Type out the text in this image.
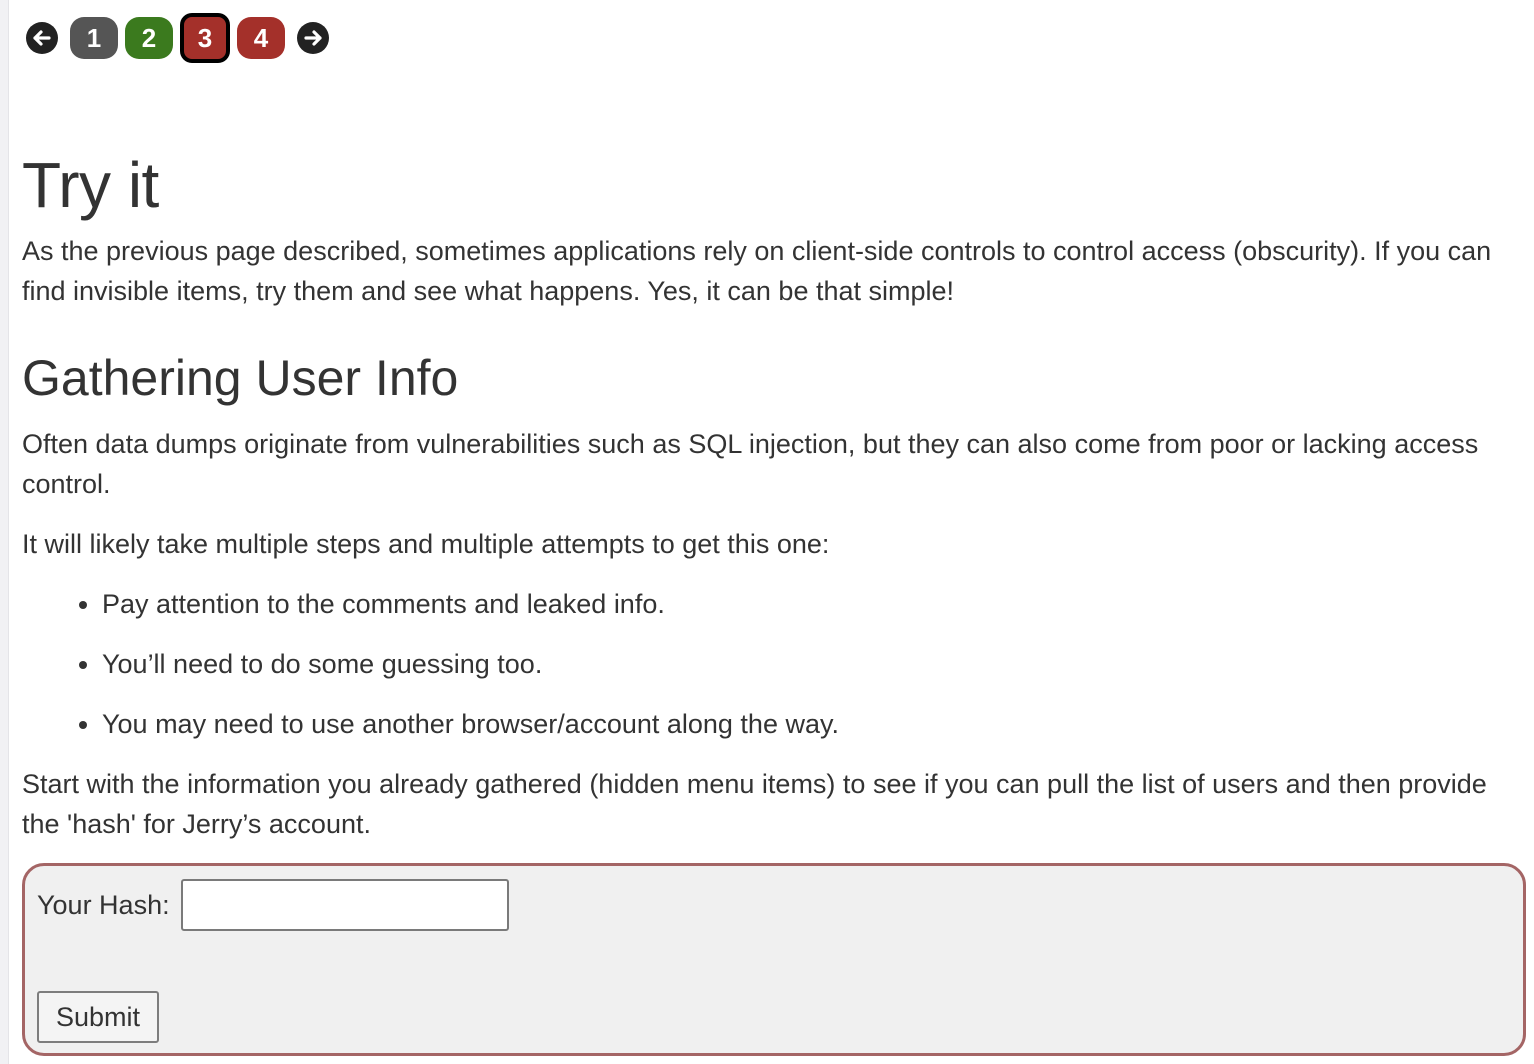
1	2	3	4
Try it

As the previous page described, sometimes applications rely on client-side controls to control access (obscurity). If you can find invisible items, try them and see what happens. Yes, it can be that simple!

Gathering User Info

Often data dumps originate from vulnerabilities such as SQL injection, but they can also come from poor or lacking access control.

It will likely take multiple steps and multiple attempts to get this one:

• Pay attention to the comments and leaked info.
• You’ll need to do some guessing too.
• You may need to use another browser/account along the way.

Start with the information you already gathered (hidden menu items) to see if you can pull the list of users and then provide the 'hash' for Jerry’s account.

Your Hash:
Submit
